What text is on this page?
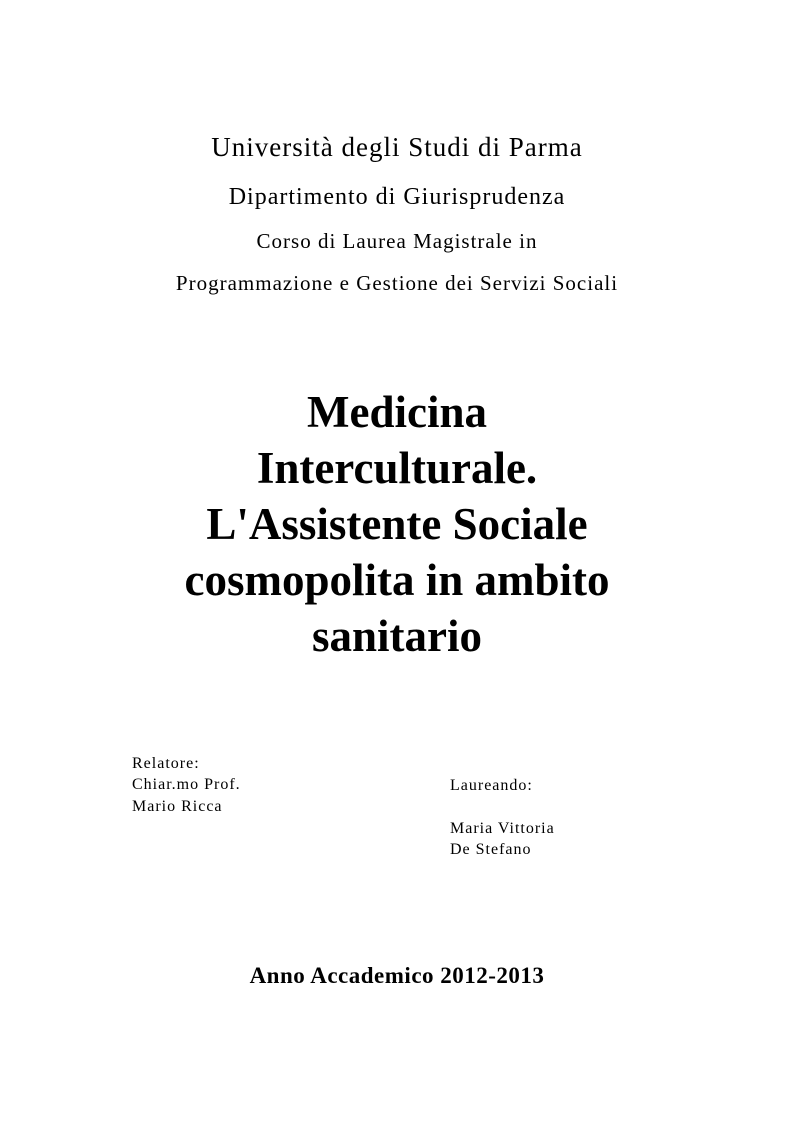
Università degli Studi di Parma
Dipartimento di Giurisprudenza
Corso di Laurea Magistrale in
Programmazione e Gestione dei Servizi Sociali
Medicina
Interculturale.
L'Assistente Sociale
cosmopolita in ambito
sanitario
Relatore:
Chiar.mo Prof.
Mario Ricca
Laureando:
Maria Vittoria
De Stefano
Anno Accademico 2012-2013
